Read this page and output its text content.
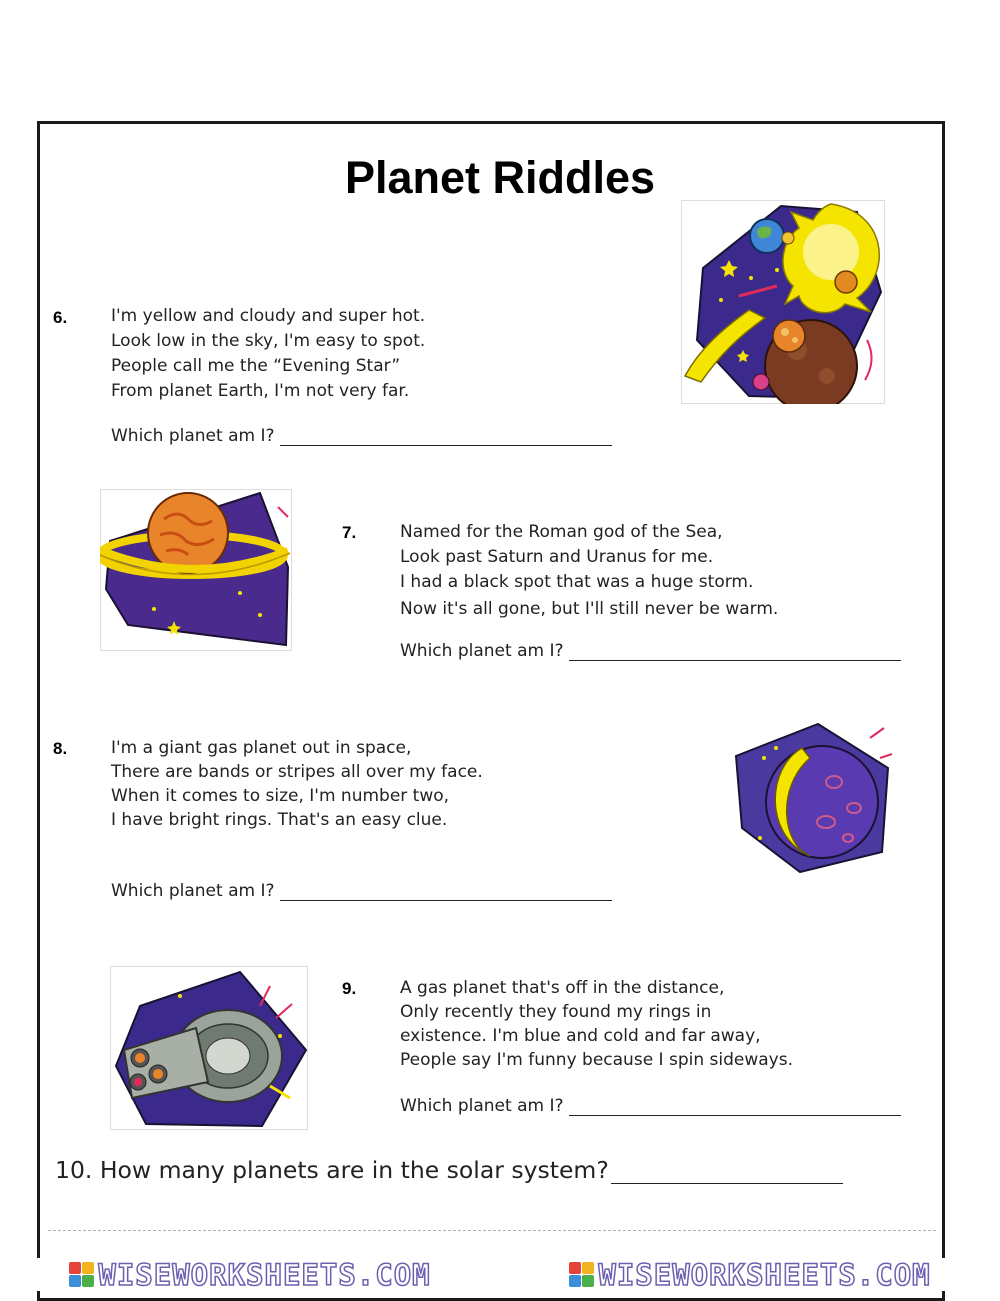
Planet Riddles
6.	I'm yellow and cloudy and super hot.
Look low in the sky, I'm easy to spot.
People call me the “Evening Star”
From planet Earth, I'm not very far.
Which planet am I?
7.	Named for the Roman god of the Sea,
Look past Saturn and Uranus for me.
I had a black spot that was a huge storm.
Now it's all gone, but I'll still never be warm.
Which planet am I?
8.	I'm a giant gas planet out in space,
There are bands or stripes all over my face.
When it comes to size, I'm number two,
I have bright rings. That's an easy clue.
Which planet am I?
9.	A gas planet that's off in the distance,
Only recently they found my rings in
existence. I'm blue and cold and far away,
People say I'm funny because I spin sideways.
Which planet am I?
10. How many planets are in the solar system?
WISEWORKSHEETS.COM	WISEWORKSHEETS.COM
